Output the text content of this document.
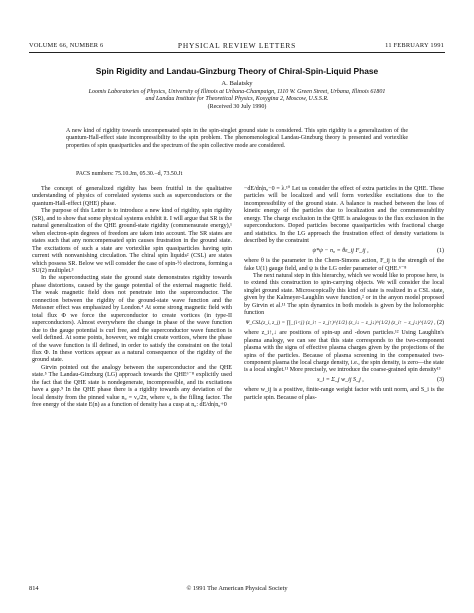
VOLUME 66, NUMBER 6	PHYSICAL REVIEW LETTERS	11 FEBRUARY 1991
Spin Rigidity and Landau-Ginzburg Theory of Chiral-Spin-Liquid Phase
A. Balatsky
Loomis Laboratories of Physics, University of Illinois at Urbana-Champaign, 1110 W. Green Street, Urbana, Illinois 61801
and Landau Institute for Theoretical Physics, Kosygina 2, Moscow, U.S.S.R.
(Received 30 July 1990)
A new kind of rigidity towards uncompensated spin in the spin-singlet ground state is considered. This spin rigidity is a generalization of the quantum-Hall-effect state incompressibility to the spin problem. The phenomenological Landau-Ginzburg theory is presented and vortexlike properties of spin quasiparticles and the spectrum of the spin collective mode are considered.
PACS numbers: 75.10.Jm, 05.30.−d, 73.50.Jt

The concept of generalized rigidity has been fruitful in the qualitative understanding of physics of correlated systems such as superconductors or the quantum-Hall-effect (QHE) phase.

The purpose of this Letter is to introduce a new kind of rigidity, spin rigidity (SR), and to show that some physical systems exhibit it. I will argue that SR is the natural generalization of the QHE ground-state rigidity (commensurate energy),¹ when electron-spin degrees of freedom are taken into account. The SR states are states such that any noncompensated spin causes frustration in the ground state. The excitations of such a state are vortexlike spin quasiparticles having spin current with nonvanishing circulation. The chiral spin liquids² (CSL) are states which possess SR. Below we will consider the case of spin-½ electrons, forming a SU(2) multiplet.³

In the superconducting state the ground state demonstrates rigidity towards phase distortions, caused by the gauge potential of the external magnetic field. The weak magnetic field does not penetrate into the superconductor. The connection between the rigidity of the ground-state wave function and the Meissner effect was emphasized by London.⁴ At some strong magnetic field with total flux Φ we force the superconductor to create vortices (in type-II superconductors). Almost everywhere the change in phase of the wave function due to the gauge potential is curl free, and the superconductor wave function is well defined. At some points, however, we might create vortices, where the phase of the wave function is ill defined, in order to satisfy the constraint on the total flux Φ. In these vortices appear as a natural consequence of the rigidity of the ground state.

Girvin pointed out the analogy between the superconductor and the QHE state.⁵ The Landau-Ginzburg (LG) approach towards the QHE⁶⁻⁸ explicitly used the fact that the QHE state is nondegenerate, incompressible, and its excitations have a gap.⁹ In the QHE phase there is a rigidity towards any deviation of the local density from the pinned value n₀ = ν₀/2π, where ν₀ is the filling factor. The free energy of the state E(n) as a function of density has a cusp at n₀: dE/dn|n₀+0

−dE/dn|n₀−0 = λ.¹⁰ Let us consider the effect of extra particles in the QHE. These particles will be localized and will form vortexlike excitations due to the incompressibility of the ground state. A balance is reached between the loss of kinetic energy of the particles due to localization and the commensurability energy. The charge exclusion in the QHE is analogous to the flux exclusion in the superconductors. Doped particles become quasiparticles with fractional charge and statistics. In the LG approach the frustration effect of density variations is described by the constraint

ψ*ψ − n₀ = θε_ij F_ij ,	(1)

where θ is the parameter in the Chern-Simons action, F_ij is the strength of the fake U(1) gauge field, and ψ is the LG order parameter of QHE.⁶⁻⁸

The next natural step in this hierarchy, which we would like to propose here, is to extend this construction to spin-carrying objects. We will consider the local singlet ground state. Microscopically this kind of state is realized in a CSL state, given by the Kalmeyer-Laughlin wave function,² or in the anyon model proposed by Girvin et al.¹¹ The spin dynamics in both models is given by the holomorphic function

Ψ_CSL(z_i, z_j) = ∏_{i<j} (z_i↑ − z_j↑)^{1/2} (z_i↓ − z_j↓)^{1/2} (z_i↑ − z_j↓)^{1/2} , (2)

where z_i↑,↓ are positions of spin-up and -down particles.¹² Using Laughlin's plasma analogy, we can see that this state corresponds to the two-component plasma with the signs of effective plasma charges given by the projections of the spins of the particles. Because of plasma screening in the compensated two-component plasma the local charge density, i.e., the spin density, is zero—the state is a local singlet.¹¹ More precisely, we introduce the coarse-grained spin density¹³

s_i = Σ_j w_ij S_j ,	(3)

where w_ij is a positive, finite-range weight factor with unit norm, and S_i is the particle spin. Because of plas-

814	© 1991 The American Physical Society
